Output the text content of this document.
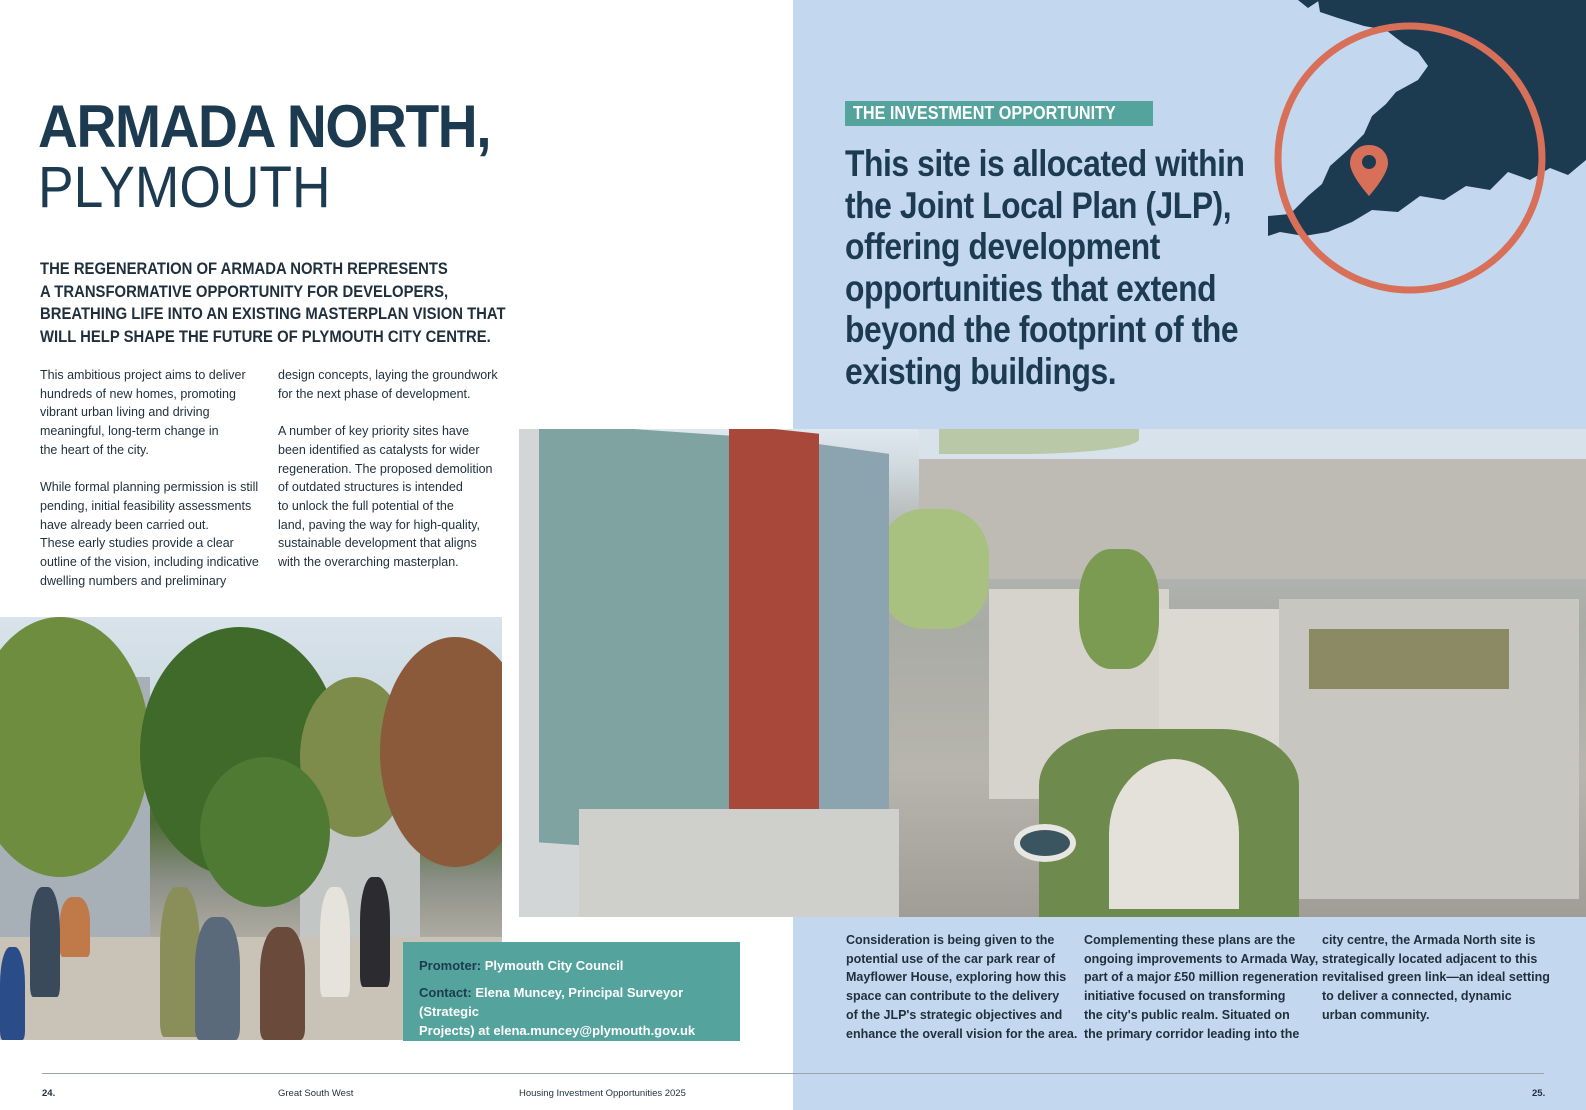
ARMADA NORTH,
PLYMOUTH
THE REGENERATION OF ARMADA NORTH REPRESENTS
A TRANSFORMATIVE OPPORTUNITY FOR DEVELOPERS,
BREATHING LIFE INTO AN EXISTING MASTERPLAN VISION THAT
WILL HELP SHAPE THE FUTURE OF PLYMOUTH CITY CENTRE.
This ambitious project aims to deliver
hundreds of new homes, promoting
vibrant urban living and driving
meaningful, long-term change in
the heart of the city.
While formal planning permission is still
pending, initial feasibility assessments
have already been carried out.
These early studies provide a clear
outline of the vision, including indicative
dwelling numbers and preliminary
design concepts, laying the groundwork
for the next phase of development.
A number of key priority sites have
been identified as catalysts for wider
regeneration. The proposed demolition
of outdated structures is intended
to unlock the full potential of the
land, paving the way for high-quality,
sustainable development that aligns
with the overarching masterplan.
Promoter: Plymouth City Council
Contact: Elena Muncey, Principal Surveyor (Strategic
Projects) at elena.muncey@plymouth.gov.uk
THE INVESTMENT OPPORTUNITY
This site is allocated within
the Joint Local Plan (JLP),
offering development
opportunities that extend
beyond the footprint of the
existing buildings.
Consideration is being given to the
potential use of the car park rear of
Mayflower House, exploring how this
space can contribute to the delivery
of the JLP's strategic objectives and
enhance the overall vision for the area.
Complementing these plans are the
ongoing improvements to Armada Way,
part of a major £50 million regeneration
initiative focused on transforming
the city's public realm. Situated on
the primary corridor leading into the
city centre, the Armada North site is
strategically located adjacent to this
revitalised green link—an ideal setting
to deliver a connected, dynamic
urban community.
24.	Great South West	Housing Investment Opportunities 2025	25.
